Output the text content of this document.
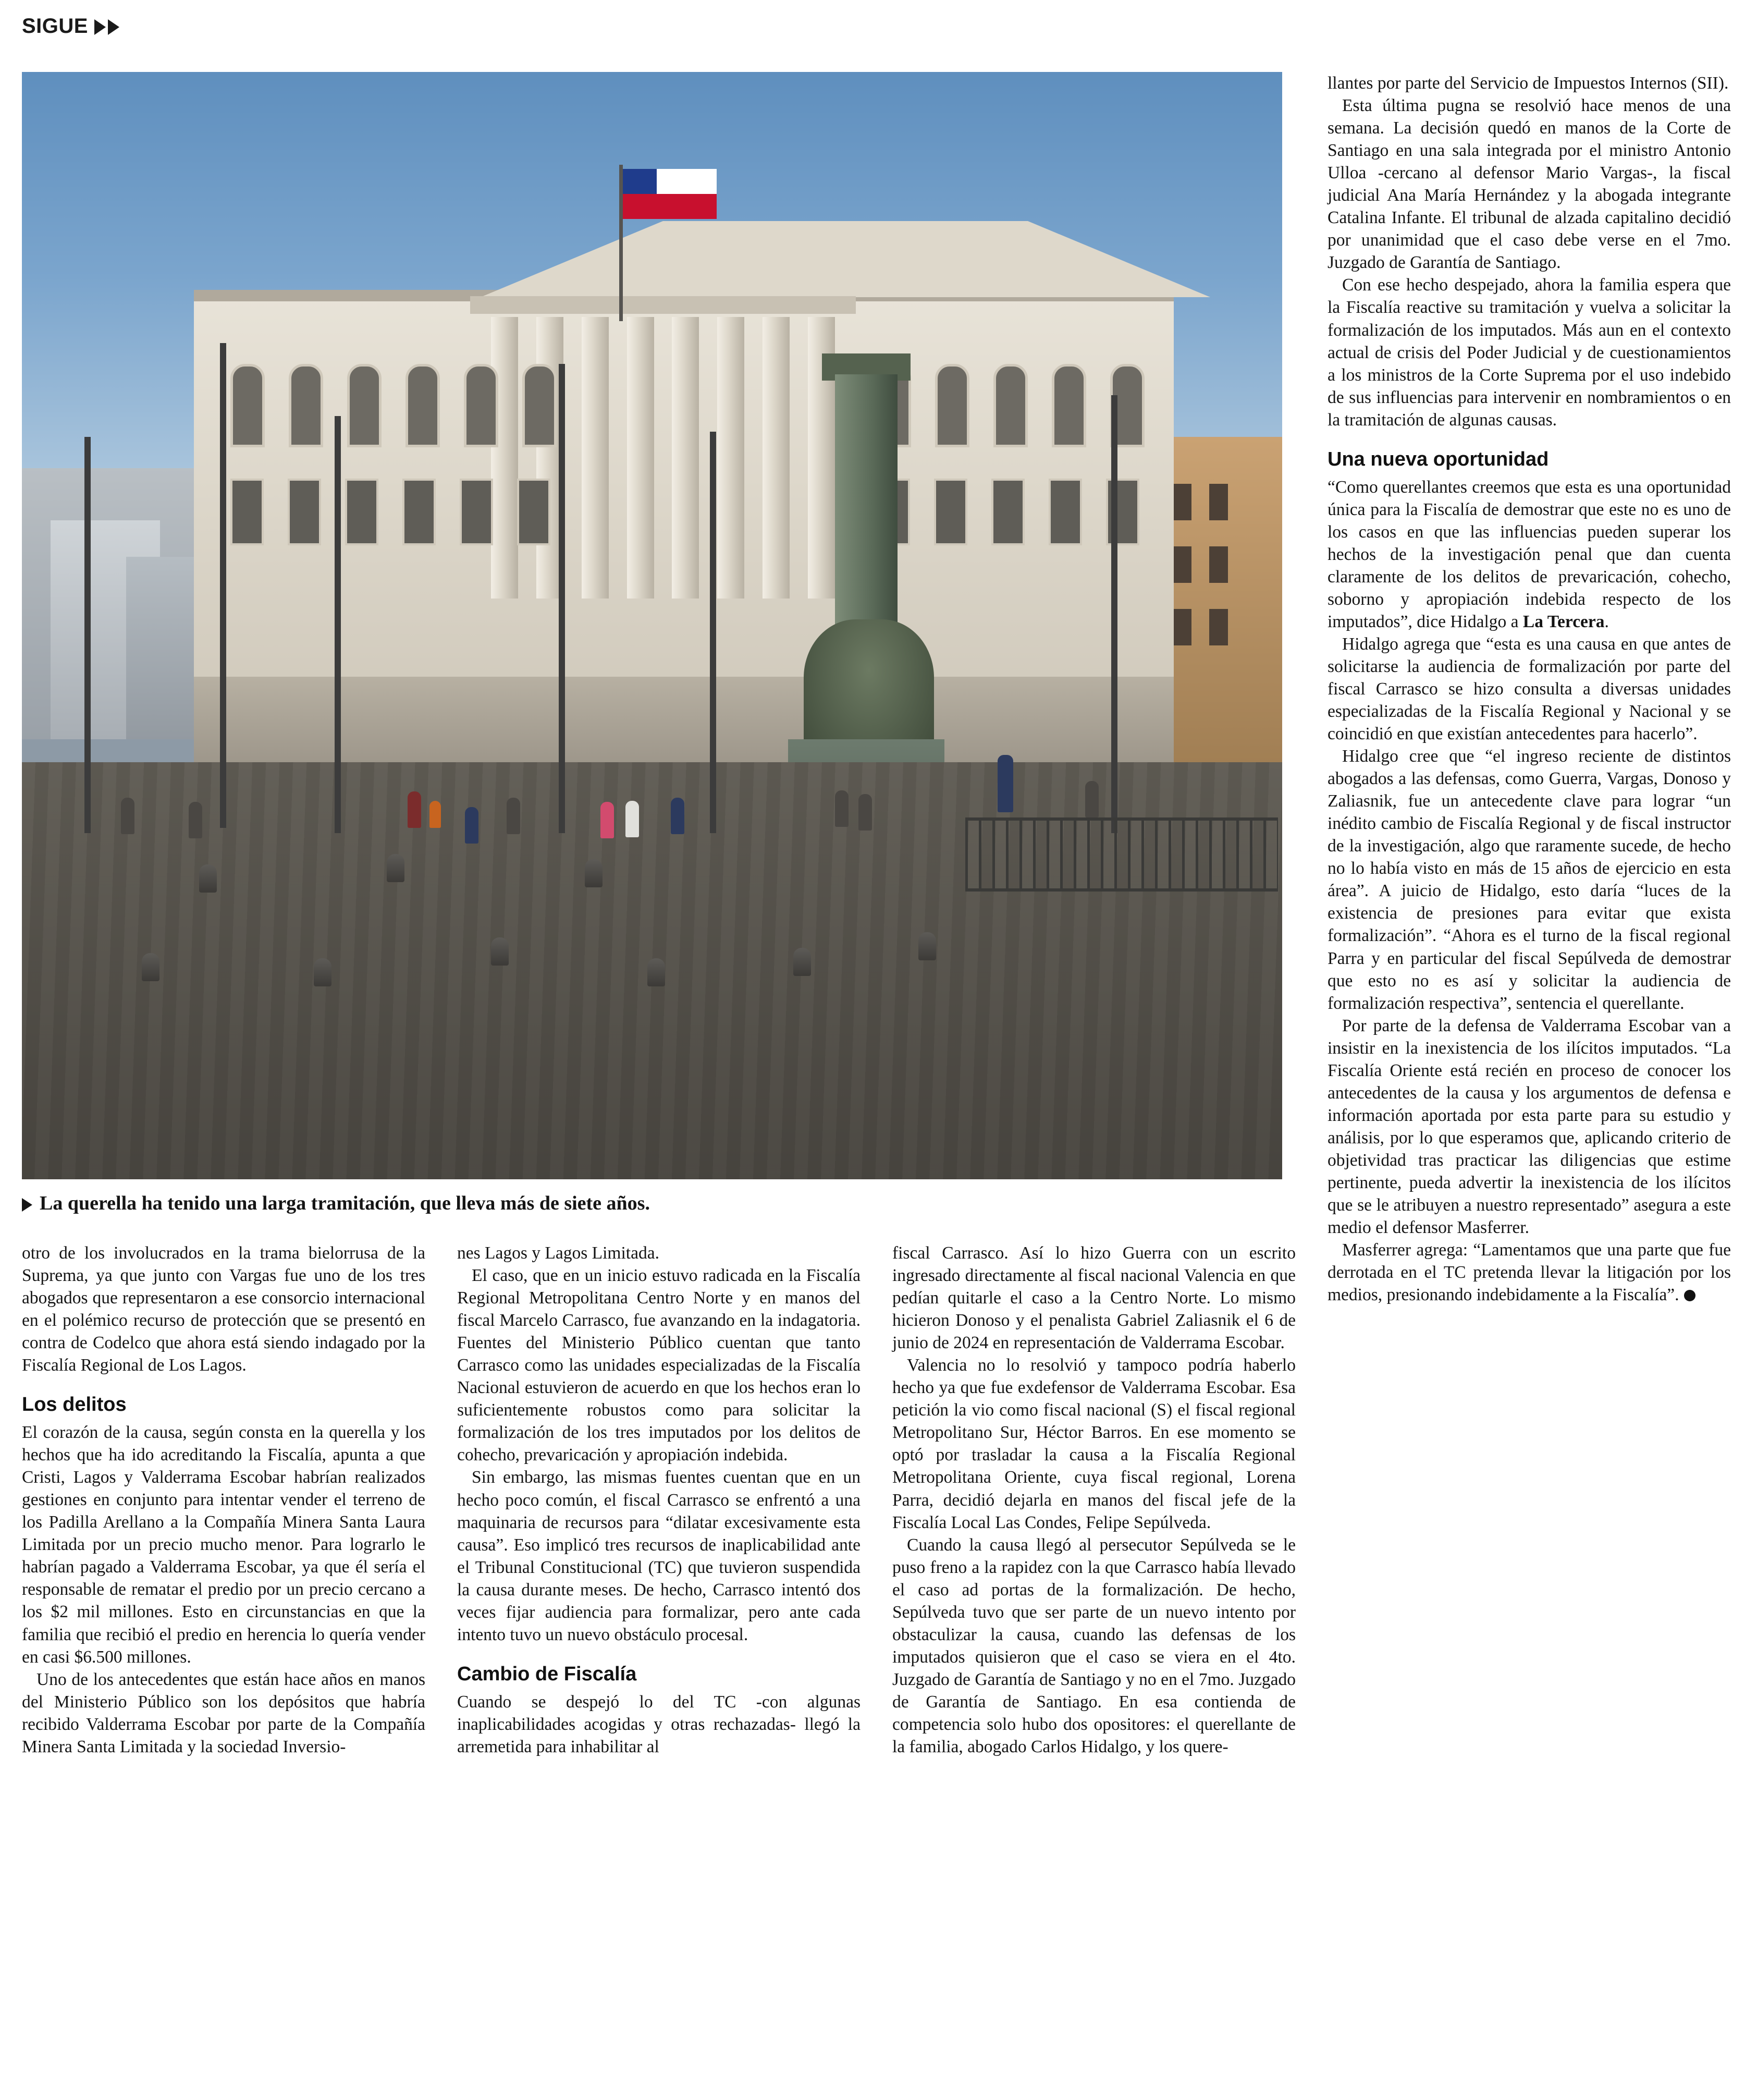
SIGUE
La querella ha tenido una larga tramitación, que lleva más de siete años.

otro de los involucrados en la trama bielorrusa de la Suprema, ya que junto con Vargas fue uno de los tres abogados que representaron a ese consorcio internacional en el polémico recurso de protección que se presentó en contra de Codelco que ahora está siendo indagado por la Fiscalía Regional de Los Lagos.

Los delitos

El corazón de la causa, según consta en la querella y los hechos que ha ido acreditando la Fiscalía, apunta a que Cristi, Lagos y Valderrama Escobar habrían realizados gestiones en conjunto para intentar vender el terreno de los Padilla Arellano a la Compañía Minera Santa Laura Limitada por un precio mucho menor. Para lograrlo le habrían pagado a Valderrama Escobar, ya que él sería el responsable de rematar el predio por un precio cercano a los $2 mil millones. Esto en circunstancias en que la familia que recibió el predio en herencia lo quería vender en casi $6.500 millones.

Uno de los antecedentes que están hace años en manos del Ministerio Público son los depósitos que habría recibido Valderrama Escobar por parte de la Compañía Minera Santa Limitada y la sociedad Inversio-

nes Lagos y Lagos Limitada.

El caso, que en un inicio estuvo radicada en la Fiscalía Regional Metropolitana Centro Norte y en manos del fiscal Marcelo Carrasco, fue avanzando en la indagatoria. Fuentes del Ministerio Público cuentan que tanto Carrasco como las unidades especializadas de la Fiscalía Nacional estuvieron de acuerdo en que los hechos eran lo suficientemente robustos como para solicitar la formalización de los tres imputados por los delitos de cohecho, prevaricación y apropiación indebida.

Sin embargo, las mismas fuentes cuentan que en un hecho poco común, el fiscal Carrasco se enfrentó a una maquinaria de recursos para “dilatar excesivamente esta causa”. Eso implicó tres recursos de inaplicabilidad ante el Tribunal Constitucional (TC) que tuvieron suspendida la causa durante meses. De hecho, Carrasco intentó dos veces fijar audiencia para formalizar, pero ante cada intento tuvo un nuevo obstáculo procesal.

Cambio de Fiscalía

Cuando se despejó lo del TC -con algunas inaplicabilidades acogidas y otras rechazadas- llegó la arremetida para inhabilitar al

fiscal Carrasco. Así lo hizo Guerra con un escrito ingresado directamente al fiscal nacional Valencia en que pedían quitarle el caso a la Centro Norte. Lo mismo hicieron Donoso y el penalista Gabriel Zaliasnik el 6 de junio de 2024 en representación de Valderrama Escobar.

Valencia no lo resolvió y tampoco podría haberlo hecho ya que fue exdefensor de Valderrama Escobar. Esa petición la vio como fiscal nacional (S) el fiscal regional Metropolitano Sur, Héctor Barros. En ese momento se optó por trasladar la causa a la Fiscalía Regional Metropolitana Oriente, cuya fiscal regional, Lorena Parra, decidió dejarla en manos del fiscal jefe de la Fiscalía Local Las Condes, Felipe Sepúlveda.

Cuando la causa llegó al persecutor Sepúlveda se le puso freno a la rapidez con la que Carrasco había llevado el caso ad portas de la formalización. De hecho, Sepúlveda tuvo que ser parte de un nuevo intento por obstaculizar la causa, cuando las defensas de los imputados quisieron que el caso se viera en el 4to. Juzgado de Garantía de Santiago y no en el 7mo. Juzgado de Garantía de Santiago. En esa contienda de competencia solo hubo dos opositores: el querellante de la familia, abogado Carlos Hidalgo, y los quere-

llantes por parte del Servicio de Impuestos Internos (SII).

Esta última pugna se resolvió hace menos de una semana. La decisión quedó en manos de la Corte de Santiago en una sala integrada por el ministro Antonio Ulloa -cercano al defensor Mario Vargas-, la fiscal judicial Ana María Hernández y la abogada integrante Catalina Infante. El tribunal de alzada capitalino decidió por unanimidad que el caso debe verse en el 7mo. Juzgado de Garantía de Santiago.

Con ese hecho despejado, ahora la familia espera que la Fiscalía reactive su tramitación y vuelva a solicitar la formalización de los imputados. Más aun en el contexto actual de crisis del Poder Judicial y de cuestionamientos a los ministros de la Corte Suprema por el uso indebido de sus influencias para intervenir en nombramientos o en la tramitación de algunas causas.

Una nueva oportunidad

“Como querellantes creemos que esta es una oportunidad única para la Fiscalía de demostrar que este no es uno de los casos en que las influencias pueden superar los hechos de la investigación penal que dan cuenta claramente de los delitos de prevaricación, cohecho, soborno y apropiación indebida respecto de los imputados”, dice Hidalgo a La Tercera.

Hidalgo agrega que “esta es una causa en que antes de solicitarse la audiencia de formalización por parte del fiscal Carrasco se hizo consulta a diversas unidades especializadas de la Fiscalía Regional y Nacional y se coincidió en que existían antecedentes para hacerlo”.

Hidalgo cree que “el ingreso reciente de distintos abogados a las defensas, como Guerra, Vargas, Donoso y Zaliasnik, fue un antecedente clave para lograr “un inédito cambio de Fiscalía Regional y de fiscal instructor de la investigación, algo que raramente sucede, de hecho no lo había visto en más de 15 años de ejercicio en esta área”. A juicio de Hidalgo, esto daría “luces de la existencia de presiones para evitar que exista formalización”. “Ahora es el turno de la fiscal regional Parra y en particular del fiscal Sepúlveda de demostrar que esto no es así y solicitar la audiencia de formalización respectiva”, sentencia el querellante.

Por parte de la defensa de Valderrama Escobar van a insistir en la inexistencia de los ilícitos imputados. “La Fiscalía Oriente está recién en proceso de conocer los antecedentes de la causa y los argumentos de defensa e información aportada por esta parte para su estudio y análisis, por lo que esperamos que, aplicando criterio de objetividad tras practicar las diligencias que estime pertinente, pueda advertir la inexistencia de los ilícitos que se le atribuyen a nuestro representado” asegura a este medio el defensor Masferrer.

Masferrer agrega: “Lamentamos que una parte que fue derrotada en el TC pretenda llevar la litigación por los medios, presionando indebidamente a la Fiscalía”.
